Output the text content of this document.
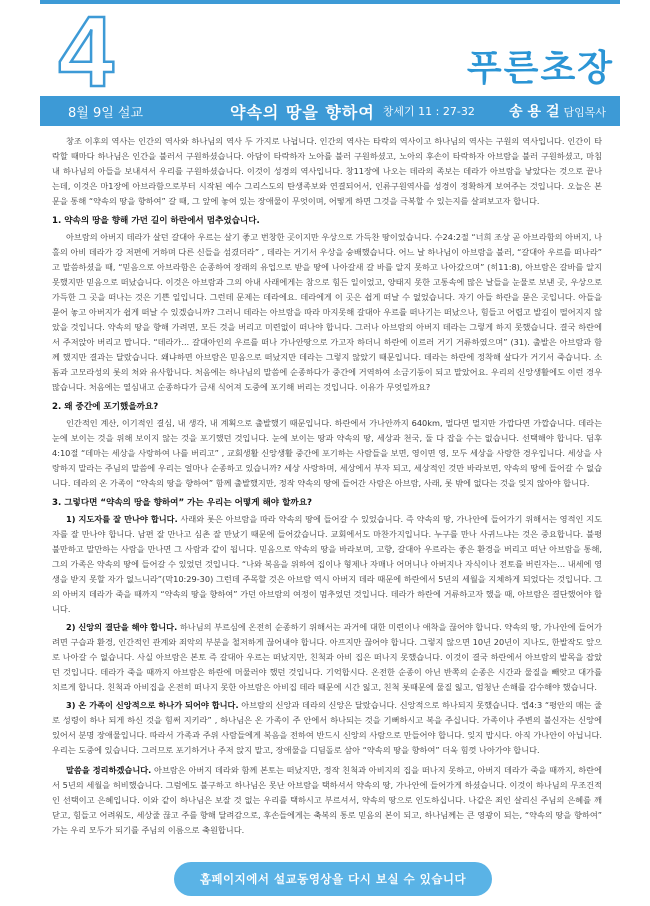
4	푸른초장
8월 9일 설교	약속의 땅을 향하여 창세기 11 : 27-32 송 용 걸 담임목사

창조 이후의 역사는 인간의 역사와 하나님의 역사 두 가지로 나뉩니다. 인간의 역사는 타락의 역사이고 하나님의 역사는 구원의 역사입니다. 인간이 타락할 때마다 하나님은 인간을 불러서 구원하셨습니다. 아담이 타락하자 노아를 불러 구원하셨고, 노아의 후손이 타락하자 아브람을 불러 구원하셨고, 마침내 하나님의 아들을 보내셔서 우리를 구원하셨습니다. 이것이 성경의 역사입니다. 창11장에 나오는 데라의 족보는 데라가 아브람을 낳았다는 것으로 끝나는데, 이것은 마1장에 아브라함으로부터 시작된 예수 그리스도의 탄생족보와 연결되어서, 인류구원역사를 성경이 정확하게 보여주는 것입니다. 오늘은 본문을 통해 “약속의 땅을 향하여” 갈 때, 그 앞에 놓여 있는 장애물이 무엇이며, 어떻게 하면 그것을 극복할 수 있는지를 살펴보고자 합니다.

1. 약속의 땅을 향해 가던 길이 하란에서 멈추었습니다.

아브람의 아버지 데라가 살던 갈대아 우르는 살기 좋고 번창한 곳이지만 우상으로 가득찬 땅이었습니다. 수24:2절 “너희 조상 곧 아브라함의 아버지, 나홀의 아비 데라가 강 저편에 거하며 다른 신들을 섬겼더라” , 데라는 거기서 우상을 숭배했습니다. 어느 날 하나님이 아브람을 불러, “갈대아 우르를 떠나라” 고 말씀하셨을 때, “믿음으로 아브라함은 순종하여 장래의 유업으로 받을 땅에 나아갈새 갈 바를 알지 못하고 나아갔으며” (히11:8), 아브람은 갈바를 알지 못했지만 믿음으로 떠났습니다. 이것은 아브람과 그의 아내 사래에게는 참으로 힘든 일이었고, 양태지 못한 고통속에 많은 날들을 눈물로 보낸 곳, 우상으로 가득한 그 곳을 떠나는 것은 기쁜 일입니다. 그런데 문제는 데라에요. 데라에게 이 곳은 쉽게 떠날 수 없었습니다. 자기 아들 하란을 묻은 곳입니다. 아들을 묻어 놓고 아버지가 쉽게 떠날 수 있겠습니까? 그러니 데라는 아브람을 따라 마지못해 갈대아 우르를 떠나기는 떠났으나, 힘들고 어렵고 발길이 떨어지지 않았을 것입니다. 약속의 땅을 향해 가려면, 모든 것을 버리고 미련없이 떠나야 합니다. 그러나 아브람의 아버지 데라는 그렇게 하지 못했습니다. 결국 하란에서 주저앉아 버리고 맙니다. “데라가... 갈대아인의 우르를 떠나 가나안땅으로 가고자 하더니 하란에 이르러 거기 거류하였으며” (31). 출발은 아브람과 함께 했지만 결과는 달랐습니다. 왜냐하면 아브람은 믿음으로 떠났지만 데라는 그렇지 않았기 때문입니다. 데라는 하란에 정착해 살다가 거기서 죽습니다. 소돔과 고모라성의 롯의 처와 유사합니다. 처음에는 하나님의 말씀에 순종하다가 중간에 거역하여 소금기둥이 되고 말았어요. 우리의 신앙생활에도 이런 경우 많습니다. 처음에는 열심내고 순종하다가 금새 식어져 도중에 포기해 버리는 것입니다. 이유가 무엇일까요?

2. 왜 중간에 포기했을까요?

인간적인 계산, 이기적인 결심, 내 생각, 내 계획으로 출발했기 때문입니다. 하란에서 가나안까지 640km, 멀다면 멀지만 가깝다면 가깝습니다. 데라는 눈에 보이는 것을 위해 보이지 않는 것을 포기했던 것입니다. 눈에 보이는 땅과 약속의 땅, 세상과 천국, 둘 다 잡을 수는 없습니다. 선택해야 합니다. 딤후4:10절 “데마는 세상을 사랑하여 나를 버리고” , 교회생활 신앙생활 중간에 포기하는 사람들을 보면, 영이면 영, 모두 세상을 사랑한 경우입니다. 세상을 사랑하지 말라는 주님의 말씀에 우리는 얼마나 순종하고 있습니까? 세상 사랑하며, 세상에서 부자 되고, 세상적인 것만 바라보면, 약속의 땅에 들어갈 수 없습니다. 데라의 온 가족이 “약속의 땅을 향하여” 함께 출발했지만, 정작 약속의 땅에 들어간 사람은 아브람, 사래, 롯 밖에 없다는 것을 잊지 않아야 합니다.

3. 그렇다면 “약속의 땅을 향하여” 가는 우리는 어떻게 해야 할까요?

1) 지도자를 잘 만나야 합니다. 사래와 롯은 아브람을 따라 약속의 땅에 들어갈 수 있었습니다. 즉 약속의 땅, 가나안에 들어가기 위해서는 영적인 지도자를 잘 만나야 합니다. 남편 잘 만나고 심촌 잘 만났기 때문에 들어갔습니다. 교회에서도 마찬가지입니다. 누구를 만나 사귀느냐는 것은 중요합니다. 불평불만하고 말만하는 사람을 만나면 그 사람과 같이 됩니다. 믿음으로 약속의 땅을 바라보며, 고향, 갈대아 우르라는 좋은 환경을 버리고 떠난 아브람을 통해, 그의 가족은 약속의 땅에 들어갈 수 있었던 것입니다. “나와 복음을 위하여 집이나 형제나 자매나 어머니나 아버지나 자식이나 전토를 버린자는... 내세에 영생을 받지 못할 자가 없느니라”(막10:29-30) 그런데 주목할 것은 아브람 역시 아버지 데라 때문에 하란에서 5년의 세월을 지체하게 되었다는 것입니다. 그의 아버지 데라가 죽을 때까지 “약속의 땅을 향하여” 가던 아브람의 여정이 멈추었던 것입니다. 데라가 하란에 거류하고자 했을 때, 아브람은 결단했어야 합니다.

2) 신앙의 결단을 해야 합니다. 하나님의 부르심에 온전히 순종하기 위해서는 과거에 대한 미련이나 애착을 끊어야 합니다. 약속의 땅, 가나안에 들어가려면 구습과 환경, 인간적인 관계와 죄악의 부분을 철저하게 끊어내야 합니다. 아프지만 끊어야 합니다. 그렇지 않으면 10년 20년이 지나도, 한발작도 앞으로 나아갈 수 없습니다. 사실 아브람은 본토 즉 갈대아 우르는 떠났지만, 친척과 아비 집은 떠나지 못했습니다. 이것이 결국 하란에서 아브람의 발목을 잡았던 것입니다. 데라가 죽을 때까지 아브람은 하란에 머물러야 했던 것입니다. 기억합시다. 온전한 순종이 아닌 반쪽의 순종은 시간과 물질을 빼앗고 대가를 치르게 합니다. 친척과 아비집을 온전히 떠나지 못한 아브람은 아비집 데라 때문에 시간 잃고, 친척 롯때문에 물질 잃고, 엄청난 손해를 감수해야 했습니다.

3) 온 가족이 신앙적으로 하나가 되어야 합니다. 아브람의 신앙과 데라의 신앙은 달랐습니다. 신앙적으로 하나되지 못했습니다. 엡4:3 “평안의 매는 줄로 성령이 하나 되게 하신 것을 힘써 지키라” , 하나님은 온 가족이 주 안에서 하나되는 것을 기뻐하시고 복을 주십니다. 가족이나 주변의 불신자는 신앙에 있어서 분명 장애물입니다. 따라서 가족과 주위 사람들에게 복음을 전하여 반드시 신앙의 사람으로 만들어야 합니다. 잊지 맙시다. 아직 가나안이 아닙니다. 우리는 도중에 있습니다. 그러므로 포기하거나 주저 앉지 말고, 장애물을 디딤돌로 삼아 “약속의 땅을 향하여” 더욱 힘껏 나아가야 합니다.

말씀을 정리하겠습니다. 아브람은 아버지 데라와 함께 본토는 떠났지만, 정작 친척과 아비지의 집을 떠나지 못하고, 아버지 데라가 죽을 때까지, 하란에서 5년의 세월을 허비했습니다. 그럼에도 불구하고 하나님은 못난 아브람을 택하셔서 약속의 땅, 가나안에 들어가게 하셨습니다. 이것이 하나님의 무조건적인 선택이고 은혜입니다. 이와 같이 하나님은 보잘 것 없는 우리를 택하시고 부르셔서, 약속의 땅으로 인도하십니다. 나같은 죄인 살리신 주님의 은혜를 깨닫고, 힘들고 어려워도, 세상줄 끊고 주를 향해 달려감으로, 후손들에게는 축복의 통로 믿음의 본이 되고, 하나님께는 큰 영광이 되는, “약속의 땅을 향하여” 가는 우리 모두가 되기를 주님의 이름으로 축원합니다.

홈페이지에서 설교동영상을 다시 보실 수 있습니다
